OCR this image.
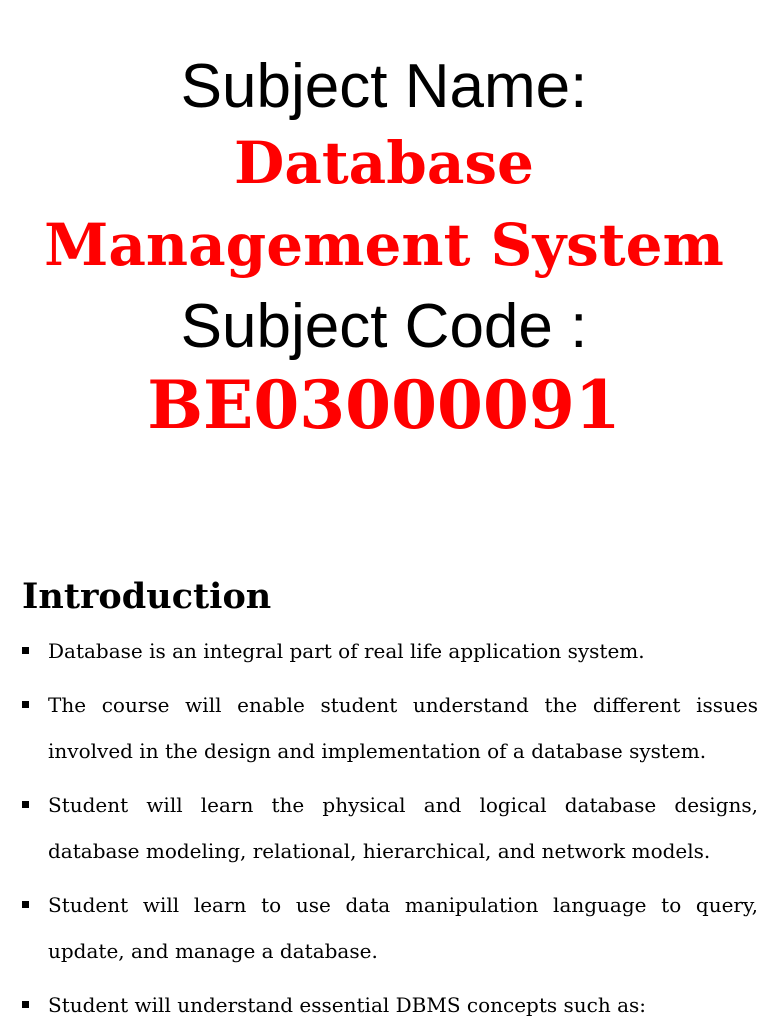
Subject Name:

Database

Management System

Subject Code :

BE03000091

Introduction
Database is an integral part of real life application system.
The course will enable student understand the different issues involved in the design and implementation of a database system.
Student will learn the physical and logical database designs, database modeling, relational, hierarchical, and network models.
Student will learn to use data manipulation language to query, update, and manage a database.
Student will understand essential DBMS concepts such as:
